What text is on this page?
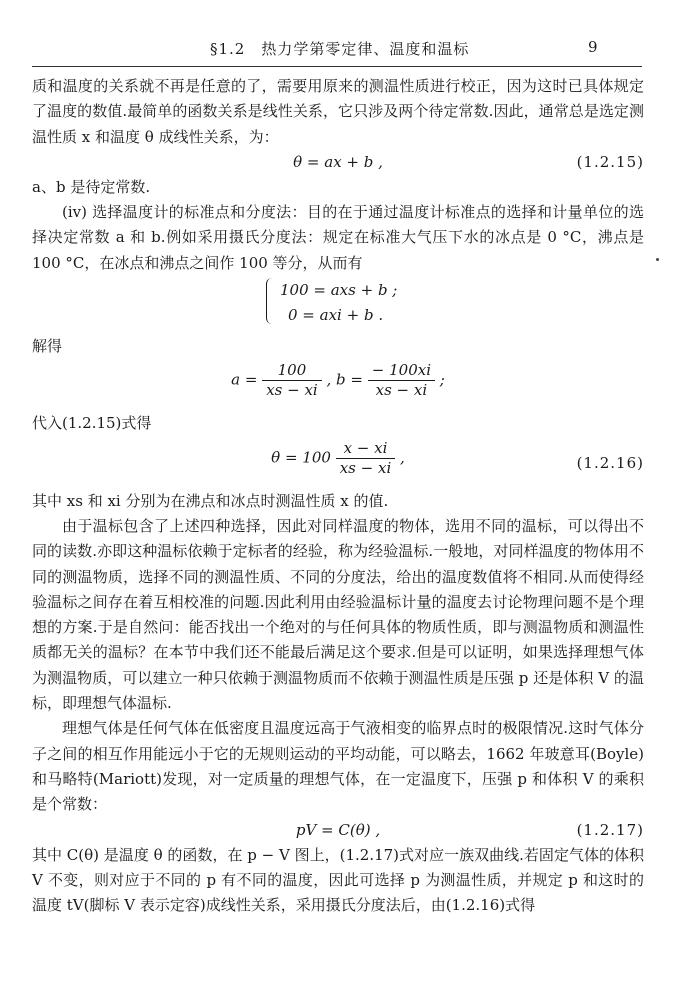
§1.2　热力学第零定律、温度和温标	9

质和温度的关系就不再是任意的了，需要用原来的测温性质进行校正，因为这时已具体规定了温度的数值.最简单的函数关系是线性关系，它只涉及两个待定常数.因此，通常总是选定测温性质 x 和温度 θ 成线性关系，为：

θ = ax + b ,	(1.2.15)

a、b 是待定常数.

(iv) 选择温度计的标准点和分度法：目的在于通过温度计标准点的选择和计量单位的选择决定常数 a 和 b.例如采用摄氏分度法：规定在标准大气压下水的冰点是 0 °C，沸点是 100 °C，在冰点和沸点之间作 100 等分，从而有

100 = axs + b ;
0 = axi + b .

解得

$a = \frac{100}{xs - xi}$ , $b = \frac{- 100xi}{xs - xi}$ ;

代入(1.2.15)式得

$\theta = 100 \frac{x - xi}{xs - xi}$ ,	(1.2.16)

其中 xs 和 xi 分别为在沸点和冰点时测温性质 x 的值.

由于温标包含了上述四种选择，因此对同样温度的物体，选用不同的温标，可以得出不同的读数.亦即这种温标依赖于定标者的经验，称为经验温标.一般地，对同样温度的物体用不同的测温物质，选择不同的测温性质、不同的分度法，给出的温度数值将不相同.从而使得经验温标之间存在着互相校准的问题.因此利用由经验温标计量的温度去讨论物理问题不是个理想的方案.于是自然问：能否找出一个绝对的与任何具体的物质性质，即与测温物质和测温性质都无关的温标？在本节中我们还不能最后满足这个要求.但是可以证明，如果选择理想气体为测温物质，可以建立一种只依赖于测温物质而不依赖于测温性质是压强 p 还是体积 V 的温标，即理想气体温标.

理想气体是任何气体在低密度且温度远高于气液相变的临界点时的极限情况.这时气体分子之间的相互作用能远小于它的无规则运动的平均动能，可以略去，1662 年玻意耳(Boyle)和马略特(Mariott)发现，对一定质量的理想气体，在一定温度下，压强 p 和体积 V 的乘积是个常数：

pV = C(θ) ,	(1.2.17)

其中 C(θ) 是温度 θ 的函数，在 p − V 图上，(1.2.17)式对应一族双曲线.若固定气体的体积 V 不变，则对应于不同的 p 有不同的温度，因此可选择 p 为测温性质，并规定 p 和这时的温度 tV(脚标 V 表示定容)成线性关系，采用摄氏分度法后，由(1.2.16)式得
